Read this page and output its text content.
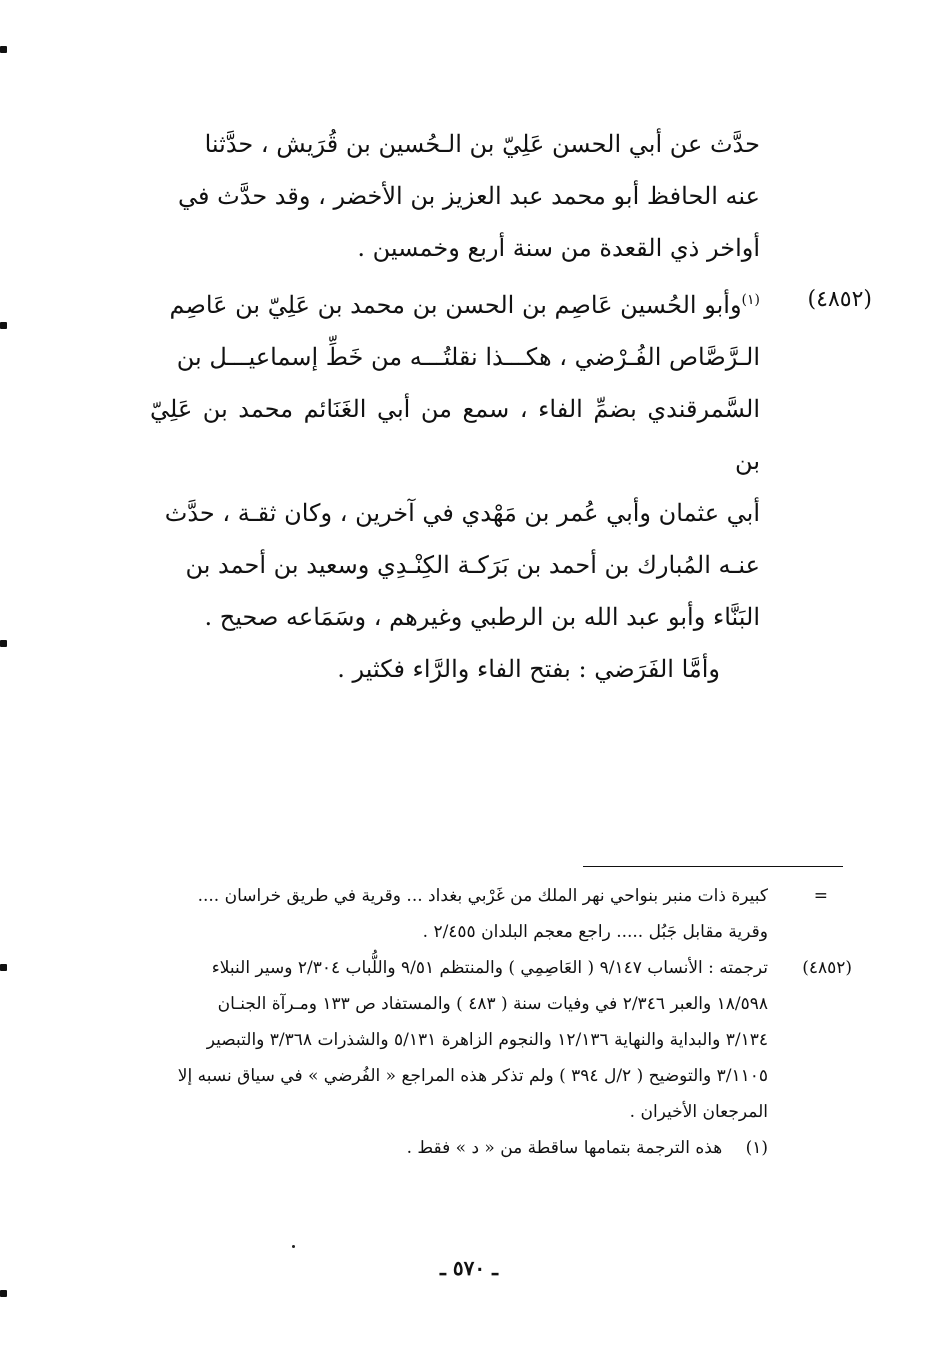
حدَّث عن أبي الحسن عَلِيّ بن الـحُسين بن قُرَيش ، حدَّثنا

عنه الحافظ أبو محمد عبد العزيز بن الأخضر ، وقد حدَّث في

أواخر ذي القعدة من سنة أربع وخمسين .

(٤٨٥٢)

$^{(١)}$وأبو الحُسين عَاصِم بن الحسن بن محمد بن عَلِيّ بن عَاصِم

الـرَّصَّاص الفُـرْضي ، هكـــذا نقلتُـــه من خَطِّ إسماعيـــل بن

السَّمرقندي بضمِّ الفاء ، سمع من أبي الغَنَائم محمد بن عَلِيّ بن

أبي عثمان وأبي عُمر بن مَهْدي في آخرين ، وكان ثقـة ، حدَّث

عنـه المُبارك بن أحمد بن بَرَكـة الكِنْـدِي وسعيد بن أحمد بن

البَنَّاء وأبو عبد الله بن الرطبي وغيرهم ، وسَمَاعه صحيح .

وأمَّا الفَرَضي : بفتح الفاء والرَّاء فكثير .

=
كبيرة ذات منبر بنواحي نهر الملك من غَرْبي بغداد ... وقرية في طريق خراسان ....

وقرية مقابل جَبُل ..... راجع معجم البلدان ٢/٤٥٥ .

(٤٨٥٢)
ترجمته : الأنساب ٩/١٤٧ ( العَاصِمِي ) والمنتظم ٩/٥١ واللُّباب ٢/٣٠٤ وسير النبلاء

١٨/٥٩٨ والعبر ٢/٣٤٦ في وفيات سنة ( ٤٨٣ ) والمستفاد ص ١٣٣ ومـرآة الجنـان

٣/١٣٤ والبداية والنهاية ١٢/١٣٦ والنجوم الزاهرة ٥/١٣١ والشذرات ٣/٣٦٨ والتبصير

٣/١١٠٥ والتوضيح ( ٢/ل ٣٩٤ ) ولم تذكر هذه المراجع « الفُرضي » في سياق نسبه إلا

المرجعان الأخيران .

(١) هذه الترجمة بتمامها ساقطة من « د » فقط .

ـ ٥٧٠ ـ
